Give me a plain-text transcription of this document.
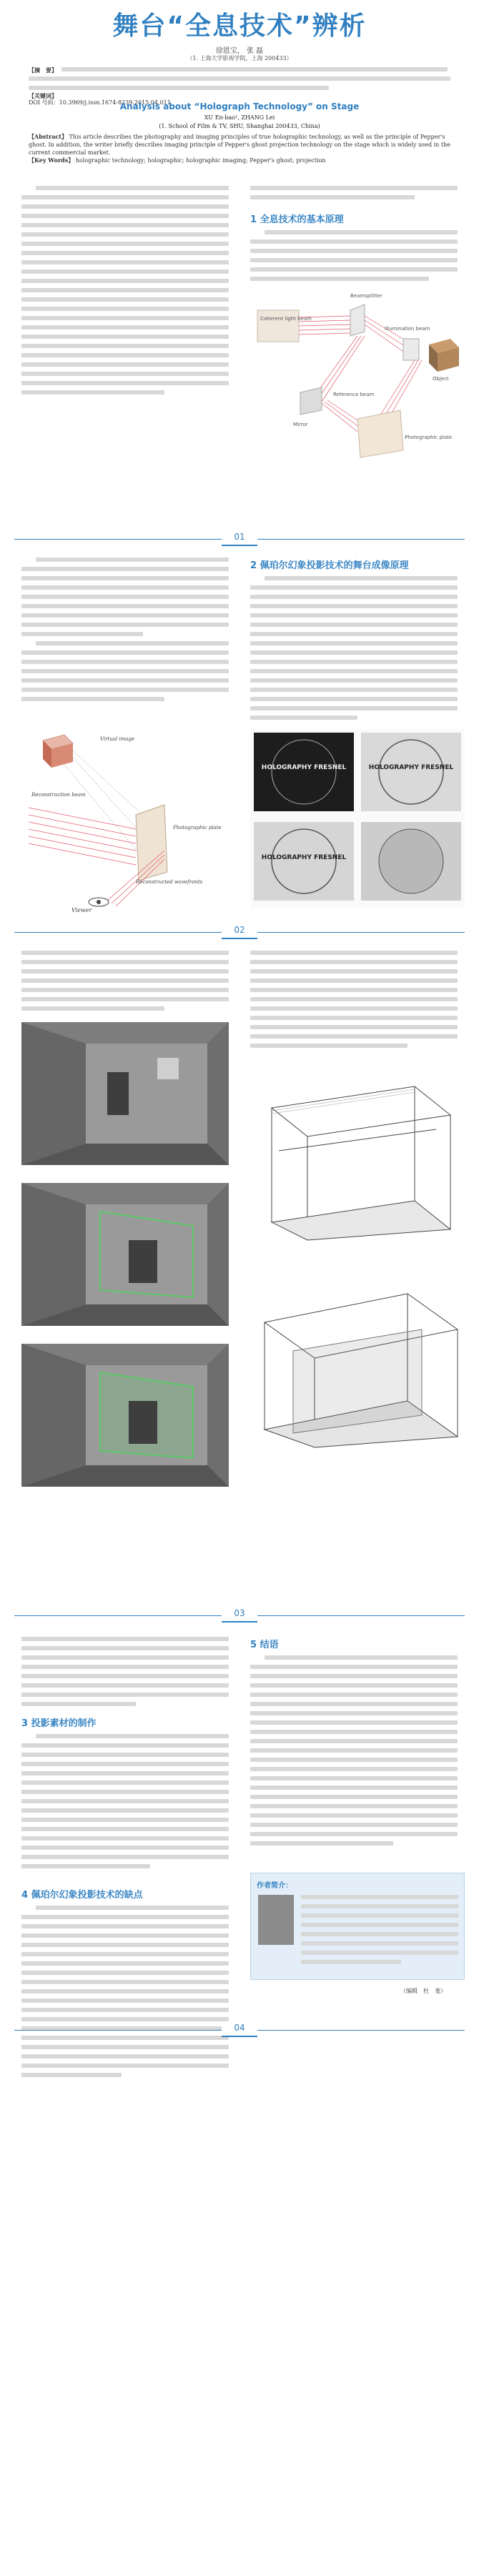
舞台“全息技术”辨析
徐恩宝， 张 磊
（1. 上海大学影视学院，上海 200433）
【摘　要】
【关键词】
DOI 号码：10.3969/j.issn.1674-8239.2015.04.011
Analysis about “Holograph Technology” on Stage
XU En-bao¹, ZHANG Lei
(1. School of Film & TV, SHU, Shanghai 200433, China)
【Abstract】 This article describes the photography and imaging principles of true holographic technology, as well as the principle of Pepper's ghost. In addition, the writer briefly describes imaging principle of Pepper's ghost projection technology on the stage which is widely used in the current commercial market.
【Key Words】 holographic technology; holographic; holographic imaging; Pepper's ghost; projection
1 全息技术的基本原理
Coherent light beam
Beamsplitter
Illumination beam
Object
Mirror
Reference beam
Photographic plate
01
Virtual image
Reconstruction beam
Photographic plate
Reconstructed wavefronts
Viewer
2 佩珀尔幻象投影技术的舞台成像原理
HOLOGRAPHY FRESNEL	HOLOGRAPHY FRESNEL
HOLOGRAPHY FRESNEL
02
03
3 投影素材的制作
4 佩珀尔幻象投影技术的缺点
5 结语
作者简介：
（编辑　杜　斐）
04
